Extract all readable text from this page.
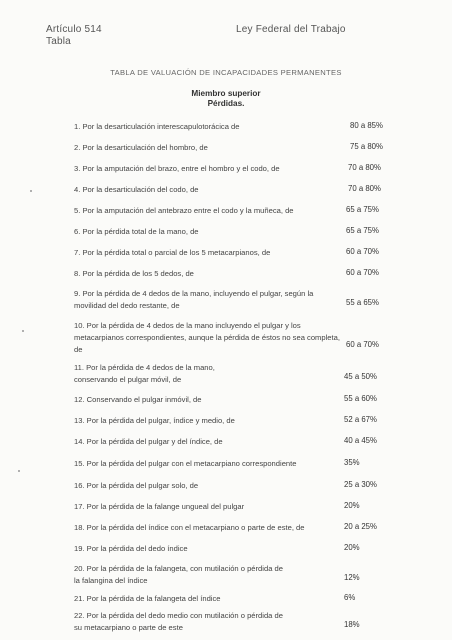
Artículo 514
Tabla
Ley Federal del Trabajo
TABLA DE VALUACIÓN DE INCAPACIDADES PERMANENTES
Miembro superior
Pérdidas.
1. Por la desarticulación interescapulotorácica de	80 a 85%
2. Por la desarticulación del hombro, de	75 a 80%
3. Por la amputación del brazo, entre el hombro y el codo, de	70 a 80%
4. Por la desarticulación del codo, de	70 a 80%
5. Por la amputación del antebrazo entre el codo y la muñeca, de	65 a 75%
6. Por la pérdida total de la mano, de	65 a 75%
7. Por la pérdida total o parcial de los 5 metacarpianos, de	60 a 70%
8. Por la pérdida de los 5 dedos, de	60 a 70%
9. Por la pérdida de 4 dedos de la mano, incluyendo el pulgar, según la movilidad del dedo restante, de	55 a 65%
10. Por la pérdida de 4 dedos de la mano incluyendo el pulgar y los metacarpianos correspondientes, aunque la pérdida de éstos no sea completa, de
60 a 70%
11. Por la pérdida de 4 dedos de la mano, conservando el pulgar móvil, de	45 a 50%
12. Conservando el pulgar inmóvil, de	55 a 60%
13. Por la pérdida del pulgar, índice y medio, de	52 a 67%
14. Por la pérdida del pulgar y del índice, de	40 a 45%
15. Por la pérdida del pulgar con el metacarpiano correspondiente	35%
16. Por la pérdida del pulgar solo, de	25 a 30%
17. Por la pérdida de la falange ungueal del pulgar	20%
18. Por la pérdida del índice con el metacarpiano o parte de este, de	20 a 25%
19. Por la pérdida del dedo índice	20%
20. Por la pérdida de la falangeta, con mutilación o pérdida de la falangina del índice	12%
21. Por la pérdida de la falangeta del índice	6%
22. Por la pérdida del dedo medio con mutilación o pérdida de su metacarpiano o parte de este	18%
